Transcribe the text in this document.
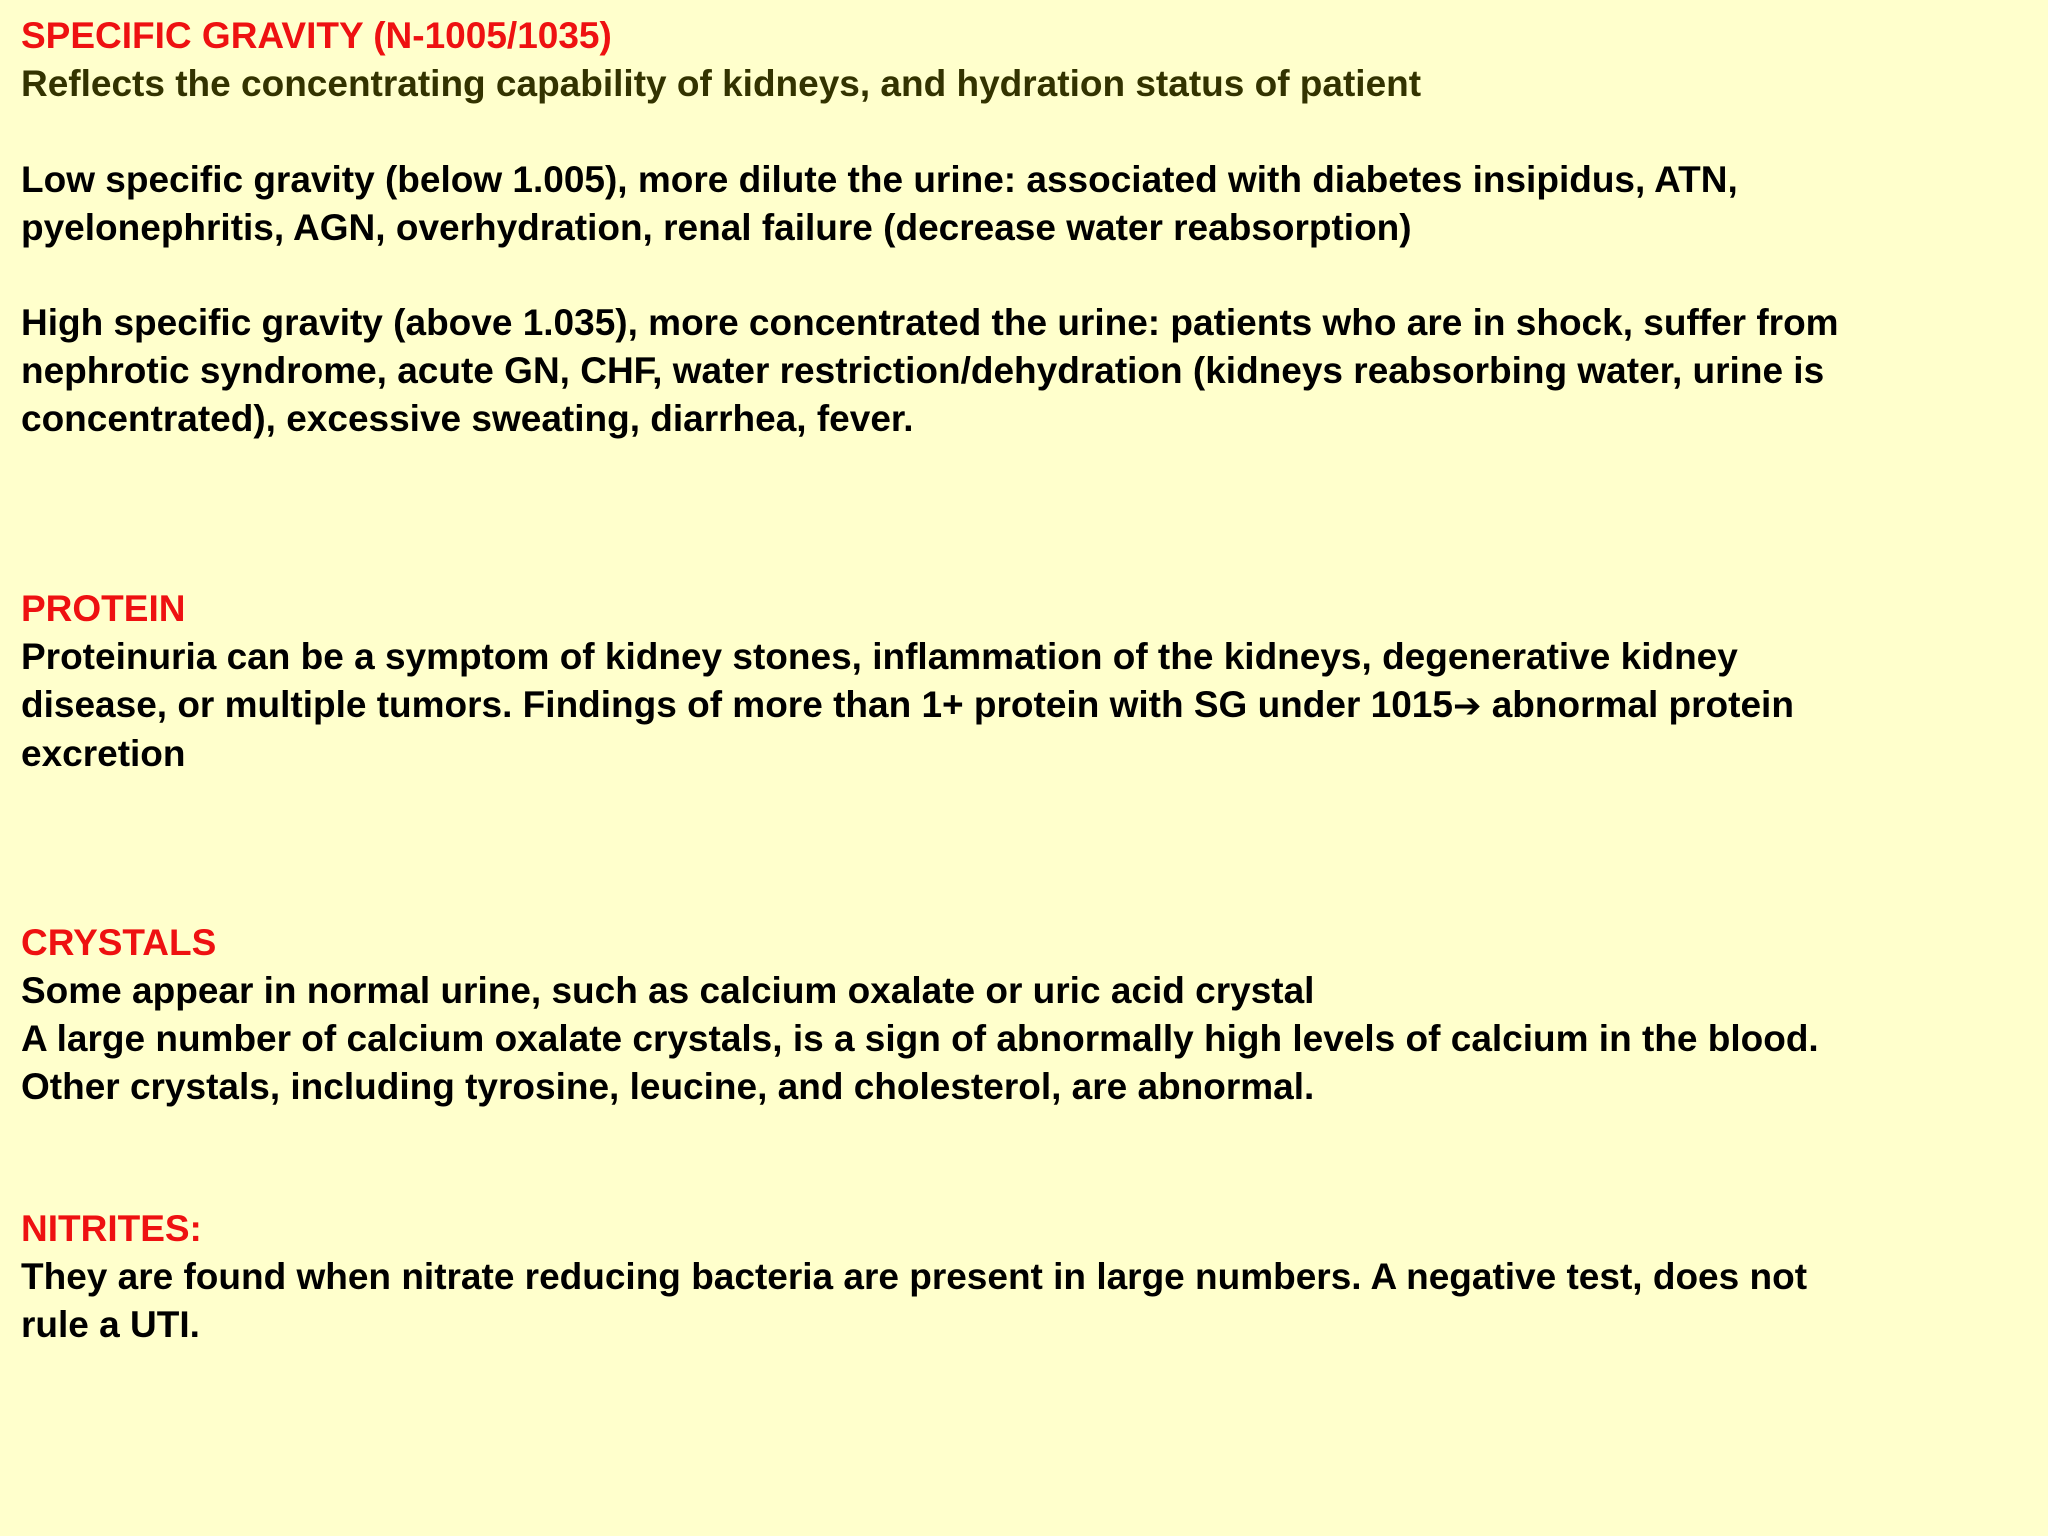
SPECIFIC GRAVITY (N-1005/1035)

Reflects the concentrating capability of kidneys, and hydration status of patient

Low specific gravity (below 1.005), more dilute the urine: associated with diabetes insipidus, ATN,
pyelonephritis, AGN, overhydration, renal failure (decrease water reabsorption)

High specific gravity (above 1.035), more concentrated the urine: patients who are in shock, suffer from
nephrotic syndrome, acute GN, CHF, water restriction/dehydration (kidneys reabsorbing water, urine is
concentrated), excessive sweating, diarrhea, fever.

PROTEIN

Proteinuria can be a symptom of kidney stones, inflammation of the kidneys, degenerative kidney
disease, or multiple tumors. Findings of more than 1+ protein with SG under 1015➔ abnormal protein
excretion

CRYSTALS

Some appear in normal urine, such as calcium oxalate or uric acid crystal
A large number of calcium oxalate crystals, is a sign of abnormally high levels of calcium in the blood.
Other crystals, including tyrosine, leucine, and cholesterol, are abnormal.

NITRITES:

They are found when nitrate reducing bacteria are present in large numbers. A negative test, does not
rule a UTI.
